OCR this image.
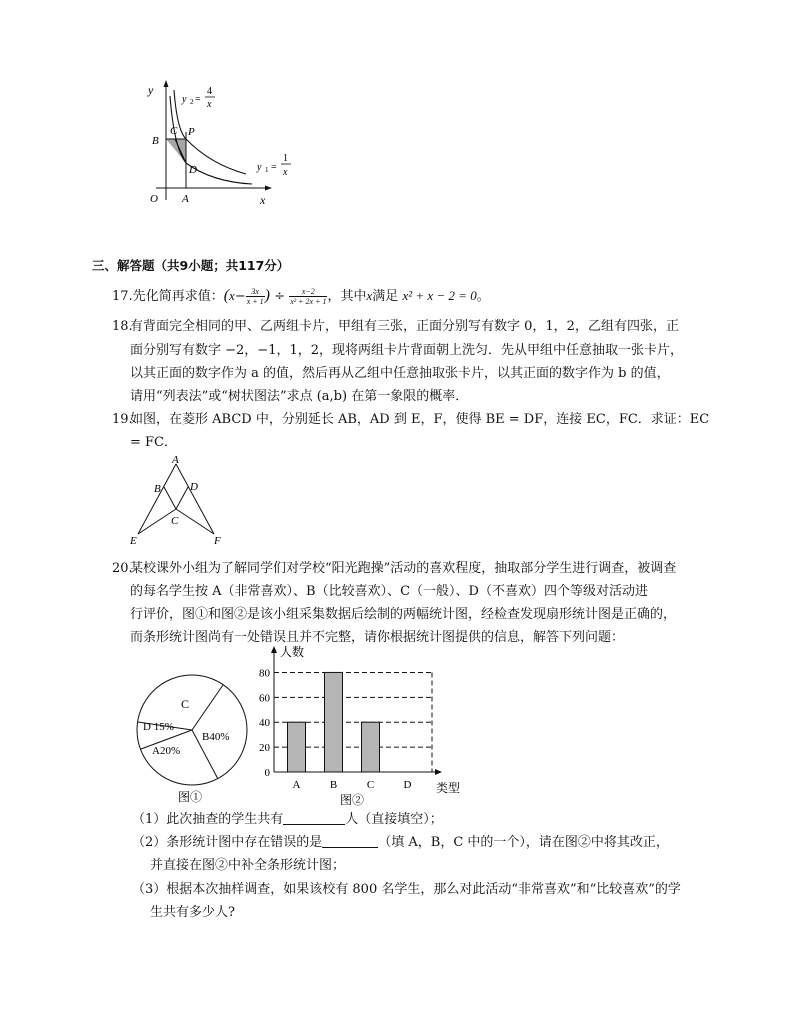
y
x
O
B
C P
D
A
y 2 =
4
x
y 1 =
1
x
三、解答题（共9小题；共117分）
17.先化简再求值：($x- \frac{3x}{x + 1}$ ) ÷ $\frac{x-2}{\text{x² + 2x + 1}}$ ，其中x满足 x² + x − 2 = 0。
18.
有背面完全相同的甲、乙两组卡片，甲组有三张，正面分别写有数字 0，1，2，乙组有四张，正
面分别写有数字 −2，−1，1，2，现将两组卡片背面朝上洗匀．先从甲组中任意抽取一张卡片，
以其正面的数字作为 a 的值，然后再从乙组中任意抽取张卡片，以其正面的数字作为 b 的值，
请用“列表法”或“树状图法”求点 (a,b) 在第一象限的概率．
19.
如图，在菱形 ABCD 中，分别延长 AB，AD 到 E，F，使得 BE = DF，连接 EC，FC．求证：EC
= FC．
A
B	D
C
E	F
20.
某校课外小组为了解同学们对学校“阳光跑操”活动的喜欢程度，抽取部分学生进行调查，被调查
的每名学生按 A（非常喜欢）、B（比较喜欢）、C（一般）、D（不喜欢）四个等级对活动进
行评价，图①和图②是该小组采集数据后绘制的两幅统计图，经检查发现扇形统计图是正确的，
而条形统计图尚有一处错误且并不完整，请你根据统计图提供的信息，解答下列问题：
C
D 15%
A20%
B40%
图①
0
20
40
60
80
A	B	C	D
人数
类型
图②
（1）此次抽查的学生共有	人（直接填空）；
（2）条形统计图中存在错误的是	（填 A，B，C 中的一个），请在图②中将其改正，
并直接在图②中补全条形统计图；
（3）根据本次抽样调查，如果该校有 800 名学生，那么对此活动“非常喜欢”和“比较喜欢”的学
生共有多少人?
